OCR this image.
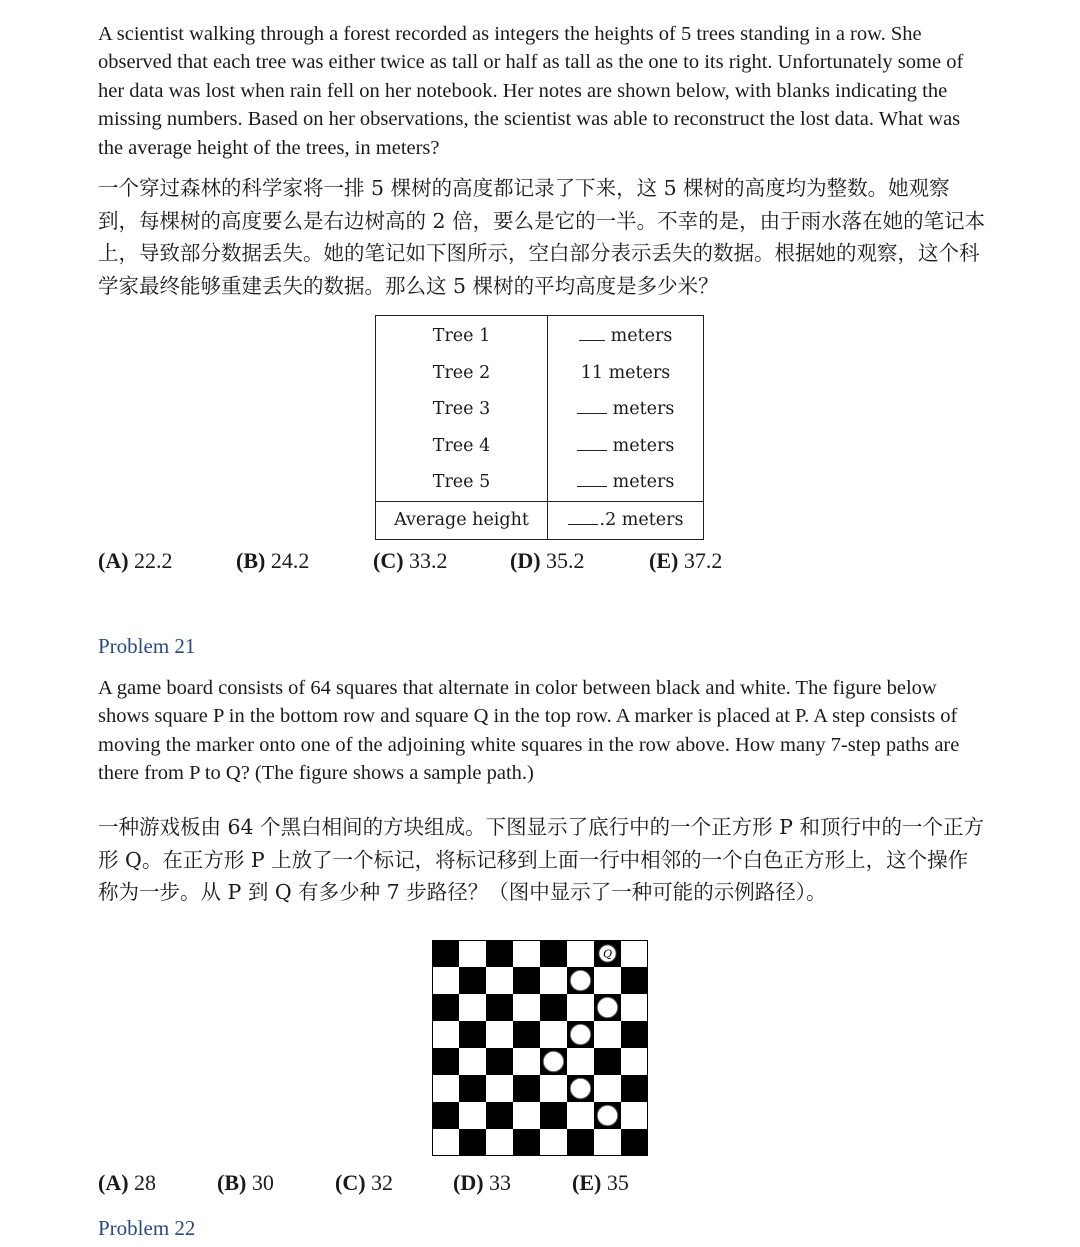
A scientist walking through a forest recorded as integers the heights of 5 trees standing in a row. She observed that each tree was either twice as tall or half as tall as the one to its right. Unfortunately some of her data was lost when rain fell on her notebook. Her notes are shown below, with blanks indicating the missing numbers. Based on her observations, the scientist was able to reconstruct the lost data. What was the average height of the trees, in meters?

一个穿过森林的科学家将一排 5 棵树的高度都记录了下来，这 5 棵树的高度均为整数。她观察到，每棵树的高度要么是右边树高的 2 倍，要么是它的一半。不幸的是，由于雨水落在她的笔记本上，导致部分数据丢失。她的笔记如下图所示，空白部分表示丢失的数据。根据她的观察，这个科学家最终能够重建丢失的数据。那么这 5 棵树的平均高度是多少米？

Tree 1	meters
Tree 2	11 meters
Tree 3	meters
Tree 4	meters
Tree 5	meters
Average height	.2 meters
(A) 22.2	(B) 24.2	(C) 33.2	(D) 35.2	(E) 37.2
Problem 21

A game board consists of 64 squares that alternate in color between black and white. The figure below shows square P in the bottom row and square Q in the top row. A marker is placed at P. A step consists of moving the marker onto one of the adjoining white squares in the row above. How many 7-step paths are there from P to Q? (The figure shows a sample path.)

一种游戏板由 64 个黑白相间的方块组成。下图显示了底行中的一个正方形 P 和顶行中的一个正方形 Q。在正方形 P 上放了一个标记，将标记移到上面一行中相邻的一个白色正方形上，这个操作称为一步。从 P 到 Q 有多少种 7 步路径？（图中显示了一种可能的示例路径）。

Q
P
(A) 28	(B) 30	(C) 32	(D) 33	(E) 35
Problem 22
